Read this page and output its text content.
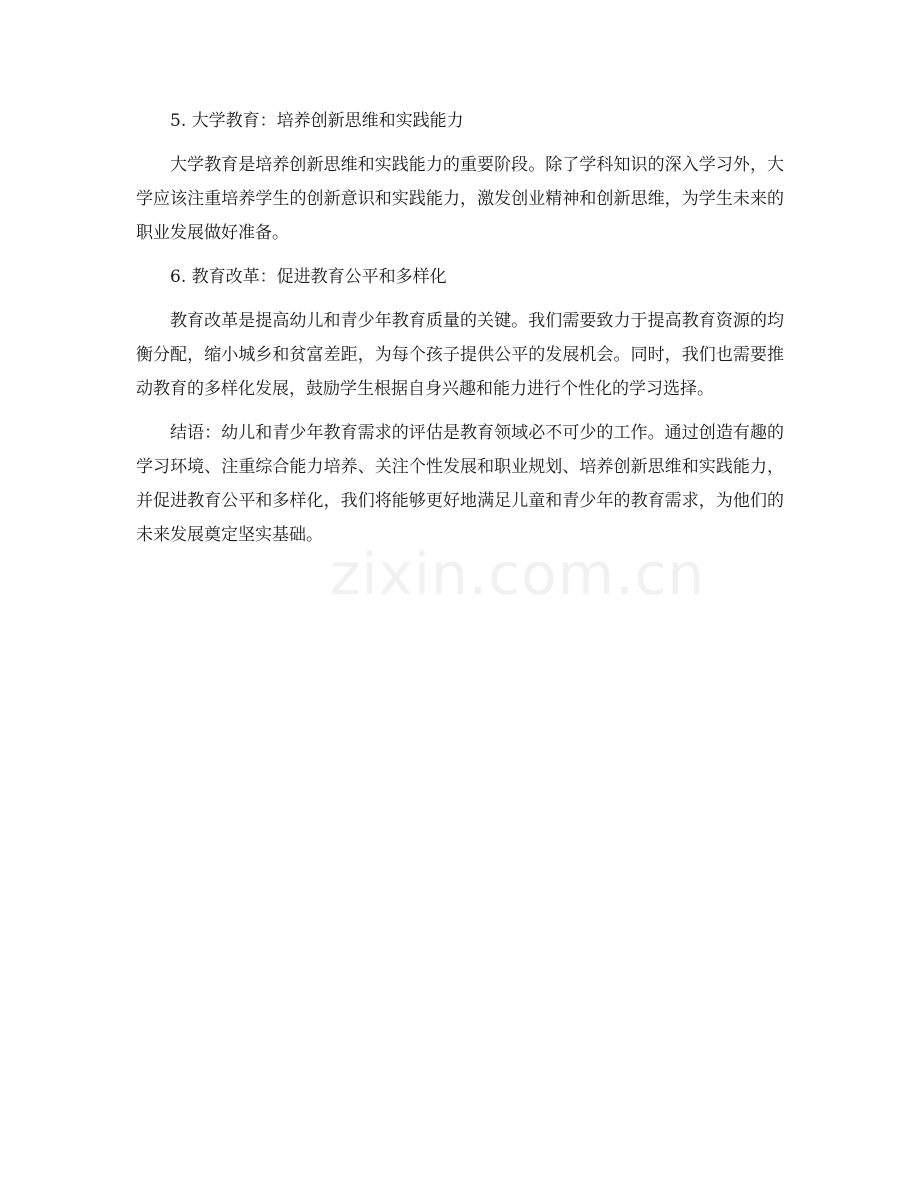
5. 大学教育：培养创新思维和实践能力

大学教育是培养创新思维和实践能力的重要阶段。除了学科知识的深入学习外，大学应该注重培养学生的创新意识和实践能力，激发创业精神和创新思维，为学生未来的职业发展做好准备。

6. 教育改革：促进教育公平和多样化

教育改革是提高幼儿和青少年教育质量的关键。我们需要致力于提高教育资源的均衡分配，缩小城乡和贫富差距，为每个孩子提供公平的发展机会。同时，我们也需要推动教育的多样化发展，鼓励学生根据自身兴趣和能力进行个性化的学习选择。

结语：幼儿和青少年教育需求的评估是教育领域必不可少的工作。通过创造有趣的学习环境、注重综合能力培养、关注个性发展和职业规划、培养创新思维和实践能力，并促进教育公平和多样化，我们将能够更好地满足儿童和青少年的教育需求，为他们的未来发展奠定坚实基础。

zixin.com.cn
